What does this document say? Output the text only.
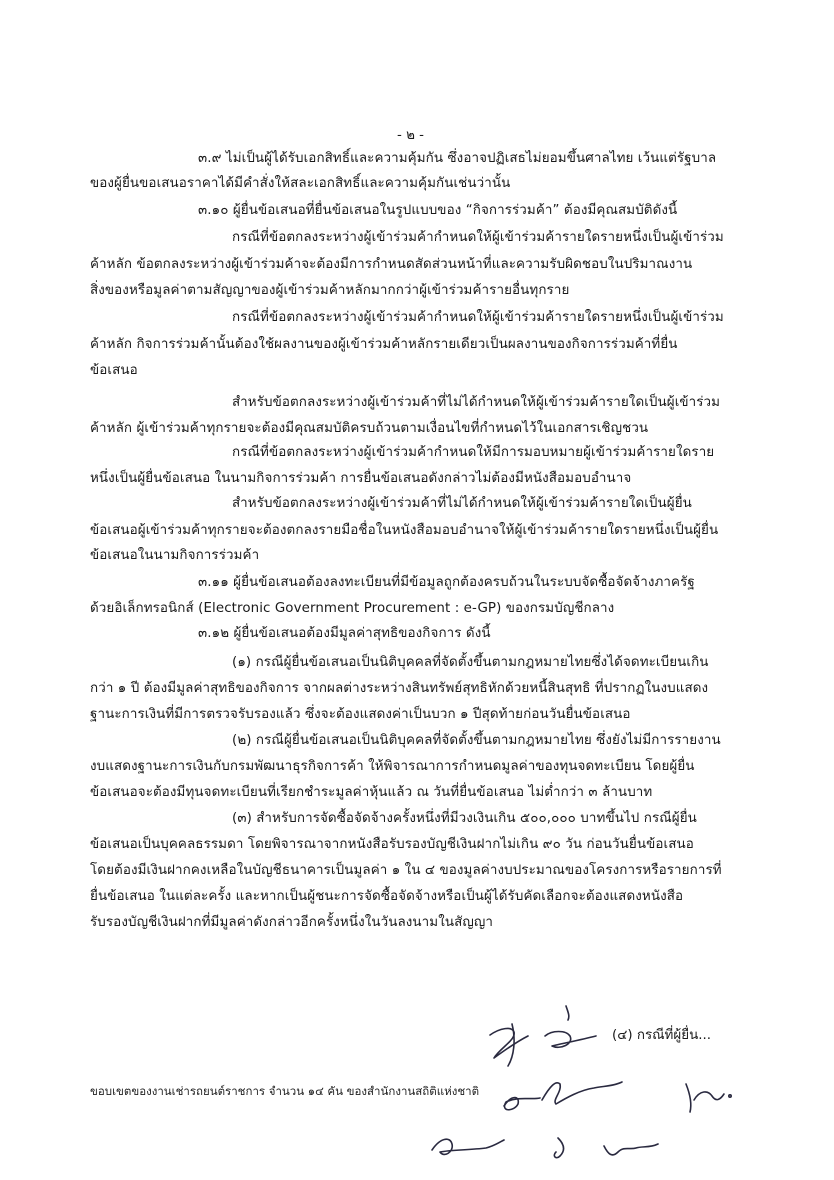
- ๒ -
๓.๙ ไม่เป็นผู้ได้รับเอกสิทธิ์และความคุ้มกัน ซึ่งอาจปฏิเสธไม่ยอมขึ้นศาลไทย เว้นแต่รัฐบาล
ของผู้ยื่นขอเสนอราคาได้มีคำสั่งให้สละเอกสิทธิ์และความคุ้มกันเช่นว่านั้น
๓.๑๐ ผู้ยื่นข้อเสนอที่ยื่นข้อเสนอในรูปแบบของ “กิจการร่วมค้า” ต้องมีคุณสมบัติดังนี้
กรณีที่ข้อตกลงระหว่างผู้เข้าร่วมค้ากำหนดให้ผู้เข้าร่วมค้ารายใดรายหนึ่งเป็นผู้เข้าร่วม
ค้าหลัก ข้อตกลงระหว่างผู้เข้าร่วมค้าจะต้องมีการกำหนดสัดส่วนหน้าที่และความรับผิดชอบในปริมาณงาน
สิ่งของหรือมูลค่าตามสัญญาของผู้เข้าร่วมค้าหลักมากกว่าผู้เข้าร่วมค้ารายอื่นทุกราย
กรณีที่ข้อตกลงระหว่างผู้เข้าร่วมค้ากำหนดให้ผู้เข้าร่วมค้ารายใดรายหนึ่งเป็นผู้เข้าร่วม
ค้าหลัก กิจการร่วมค้านั้นต้องใช้ผลงานของผู้เข้าร่วมค้าหลักรายเดียวเป็นผลงานของกิจการร่วมค้าที่ยื่น
ข้อเสนอ
สำหรับข้อตกลงระหว่างผู้เข้าร่วมค้าที่ไม่ได้กำหนดให้ผู้เข้าร่วมค้ารายใดเป็นผู้เข้าร่วม
ค้าหลัก ผู้เข้าร่วมค้าทุกรายจะต้องมีคุณสมบัติครบถ้วนตามเงื่อนไขที่กำหนดไว้ในเอกสารเชิญชวน
กรณีที่ข้อตกลงระหว่างผู้เข้าร่วมค้ากำหนดให้มีการมอบหมายผู้เข้าร่วมค้ารายใดราย
หนึ่งเป็นผู้ยื่นข้อเสนอ ในนามกิจการร่วมค้า การยื่นข้อเสนอดังกล่าวไม่ต้องมีหนังสือมอบอำนาจ
สำหรับข้อตกลงระหว่างผู้เข้าร่วมค้าที่ไม่ได้กำหนดให้ผู้เข้าร่วมค้ารายใดเป็นผู้ยื่น
ข้อเสนอผู้เข้าร่วมค้าทุกรายจะต้องตกลงรายมือชื่อในหนังสือมอบอำนาจให้ผู้เข้าร่วมค้ารายใดรายหนึ่งเป็นผู้ยื่น
ข้อเสนอในนามกิจการร่วมค้า
๓.๑๑ ผู้ยื่นข้อเสนอต้องลงทะเบียนที่มีข้อมูลถูกต้องครบถ้วนในระบบจัดซื้อจัดจ้างภาครัฐ
ด้วยอิเล็กทรอนิกส์ (Electronic Government Procurement : e-GP) ของกรมบัญชีกลาง
๓.๑๒ ผู้ยื่นข้อเสนอต้องมีมูลค่าสุทธิของกิจการ ดังนี้
(๑) กรณีผู้ยื่นข้อเสนอเป็นนิติบุคคลที่จัดตั้งขึ้นตามกฎหมายไทยซึ่งได้จดทะเบียนเกิน
กว่า ๑ ปี ต้องมีมูลค่าสุทธิของกิจการ จากผลต่างระหว่างสินทรัพย์สุทธิหักด้วยหนี้สินสุทธิ ที่ปรากฏในงบแสดง
ฐานะการเงินที่มีการตรวจรับรองแล้ว ซึ่งจะต้องแสดงค่าเป็นบวก ๑ ปีสุดท้ายก่อนวันยื่นข้อเสนอ
(๒) กรณีผู้ยื่นข้อเสนอเป็นนิติบุคคลที่จัดตั้งขึ้นตามกฎหมายไทย ซึ่งยังไม่มีการรายงาน
งบแสดงฐานะการเงินกับกรมพัฒนาธุรกิจการค้า ให้พิจารณาการกำหนดมูลค่าของทุนจดทะเบียน โดยผู้ยื่น
ข้อเสนอจะต้องมีทุนจดทะเบียนที่เรียกชำระมูลค่าหุ้นแล้ว ณ วันที่ยื่นข้อเสนอ ไม่ต่ำกว่า ๓ ล้านบาท
(๓) สำหรับการจัดซื้อจัดจ้างครั้งหนึ่งที่มีวงเงินเกิน ๕๐๐,๐๐๐ บาทขึ้นไป กรณีผู้ยื่น
ข้อเสนอเป็นบุคคลธรรมดา โดยพิจารณาจากหนังสือรับรองบัญชีเงินฝากไม่เกิน ๙๐ วัน ก่อนวันยื่นข้อเสนอ
โดยต้องมีเงินฝากคงเหลือในบัญชีธนาคารเป็นมูลค่า ๑ ใน ๔ ของมูลค่างบประมาณของโครงการหรือรายการที่
ยื่นข้อเสนอ ในแต่ละครั้ง และหากเป็นผู้ชนะการจัดซื้อจัดจ้างหรือเป็นผู้ได้รับคัดเลือกจะต้องแสดงหนังสือ
รับรองบัญชีเงินฝากที่มีมูลค่าดังกล่าวอีกครั้งหนึ่งในวันลงนามในสัญญา
(๔) กรณีที่ผู้ยื่น...
ขอบเขตของงานเช่ารถยนต์ราชการ จำนวน ๑๔ คัน ของสำนักงานสถิติแห่งชาติ
